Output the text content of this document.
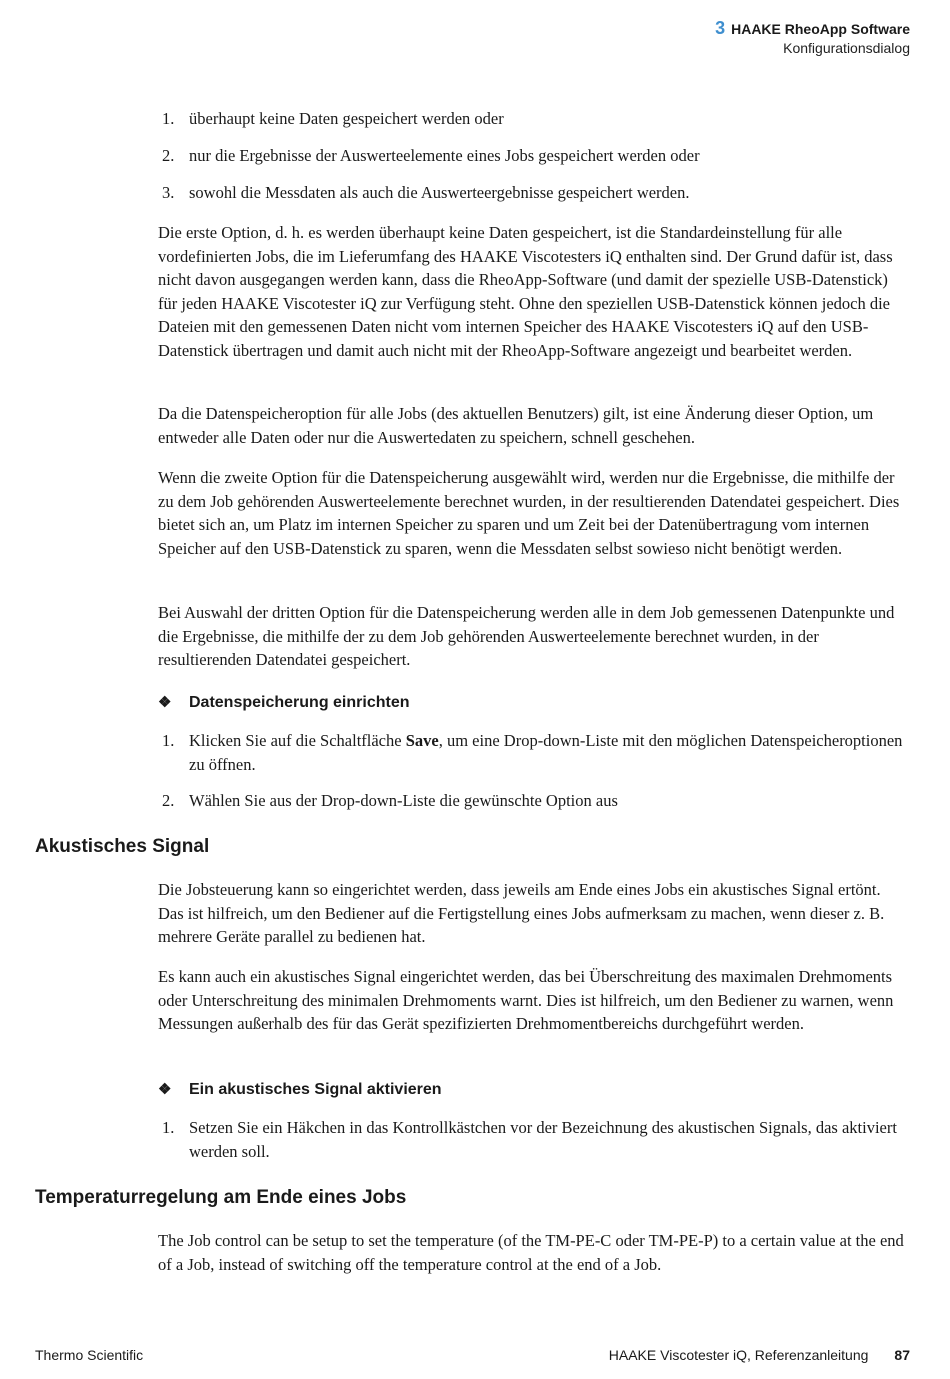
3 HAAKE RheoApp Software
Konfigurationsdialog
1. überhaupt keine Daten gespeichert werden oder
2. nur die Ergebnisse der Auswerteelemente eines Jobs gespeichert werden oder
3. sowohl die Messdaten als auch die Auswerteergebnisse gespeichert werden.

Die erste Option, d. h. es werden überhaupt keine Daten gespeichert, ist die Standardeinstellung für alle vordefinierten Jobs, die im Lieferumfang des HAAKE Viscotesters iQ enthalten sind. Der Grund dafür ist, dass nicht davon ausgegangen werden kann, dass die RheoApp-Software (und damit der spezielle USB-Datenstick) für jeden HAAKE Viscotester iQ zur Verfügung steht. Ohne den speziellen USB-Datenstick können jedoch die Dateien mit den gemessenen Daten nicht vom internen Speicher des HAAKE Viscotesters iQ auf den USB-Datenstick übertragen und damit auch nicht mit der RheoApp-Software angezeigt und bearbeitet werden.

Da die Datenspeicheroption für alle Jobs (des aktuellen Benutzers) gilt, ist eine Änderung dieser Option, um entweder alle Daten oder nur die Auswertedaten zu speichern, schnell geschehen.

Wenn die zweite Option für die Datenspeicherung ausgewählt wird, werden nur die Ergebnisse, die mithilfe der zu dem Job gehörenden Auswerteelemente berechnet wurden, in der resultierenden Datendatei gespeichert. Dies bietet sich an, um Platz im internen Speicher zu sparen und um Zeit bei der Datenübertragung vom internen Speicher auf den USB-Datenstick zu sparen, wenn die Messdaten selbst sowieso nicht benötigt werden.

Bei Auswahl der dritten Option für die Datenspeicherung werden alle in dem Job gemessenen Datenpunkte und die Ergebnisse, die mithilfe der zu dem Job gehörenden Auswerteelemente berechnet wurden, in der resultierenden Datendatei gespeichert.

❖ Datenspeicherung einrichten
1. Klicken Sie auf die Schaltfläche Save, um eine Drop-down-Liste mit den möglichen Datenspeicheroptionen zu öffnen.
2. Wählen Sie aus der Drop-down-Liste die gewünschte Option aus
Akustisches Signal

Die Jobsteuerung kann so eingerichtet werden, dass jeweils am Ende eines Jobs ein akustisches Signal ertönt. Das ist hilfreich, um den Bediener auf die Fertigstellung eines Jobs aufmerksam zu machen, wenn dieser z. B. mehrere Geräte parallel zu bedienen hat.

Es kann auch ein akustisches Signal eingerichtet werden, das bei Überschreitung des maximalen Drehmoments oder Unterschreitung des minimalen Drehmoments warnt. Dies ist hilfreich, um den Bediener zu warnen, wenn Messungen außerhalb des für das Gerät spezifizierten Drehmomentbereichs durchgeführt werden.

❖ Ein akustisches Signal aktivieren
1. Setzen Sie ein Häkchen in das Kontrollkästchen vor der Bezeichnung des akustischen Signals, das aktiviert werden soll.
Temperaturregelung am Ende eines Jobs

The Job control can be setup to set the temperature (of the TM-PE-C oder TM-PE-P) to a certain value at the end of a Job, instead of switching off the temperature control at the end of a Job.

Thermo Scientific	HAAKE Viscotester iQ, Referenzanleitung 87
